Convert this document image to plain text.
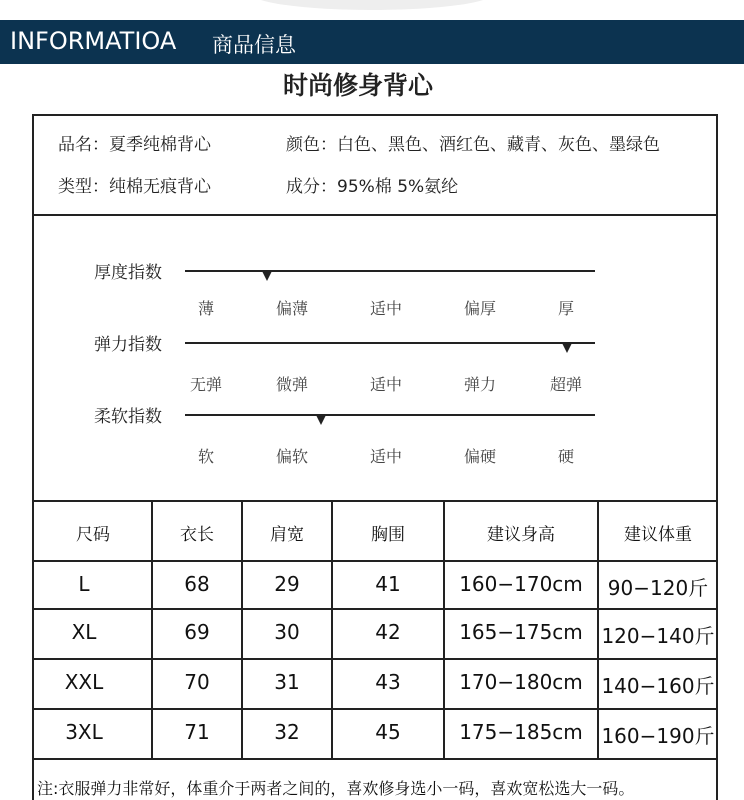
INFORMATIOA 商品信息
时尚修身背心
品名：夏季纯棉背心	颜色：白色、黑色、酒红色、藏青、灰色、墨绿色
类型：纯棉无痕背心	成分：95%棉 5%氨纶
厚度指数
薄	偏薄	适中	偏厚	厚
弹力指数
无弹	微弹	适中	弹力	超弹
柔软指数
软	偏软	适中	偏硬	硬
尺码	衣长	肩宽	胸围	建议身高	建议体重
L	68	29	41	160−170cm	90−120斤
XL	69	30	42	165−175cm 120−140斤
XXL	70	31	43	170−180cm 140−160斤
3XL	71	32	45	175−185cm 160−190斤
注:衣服弹力非常好，体重介于两者之间的，喜欢修身选小一码，喜欢宽松选大一码。
